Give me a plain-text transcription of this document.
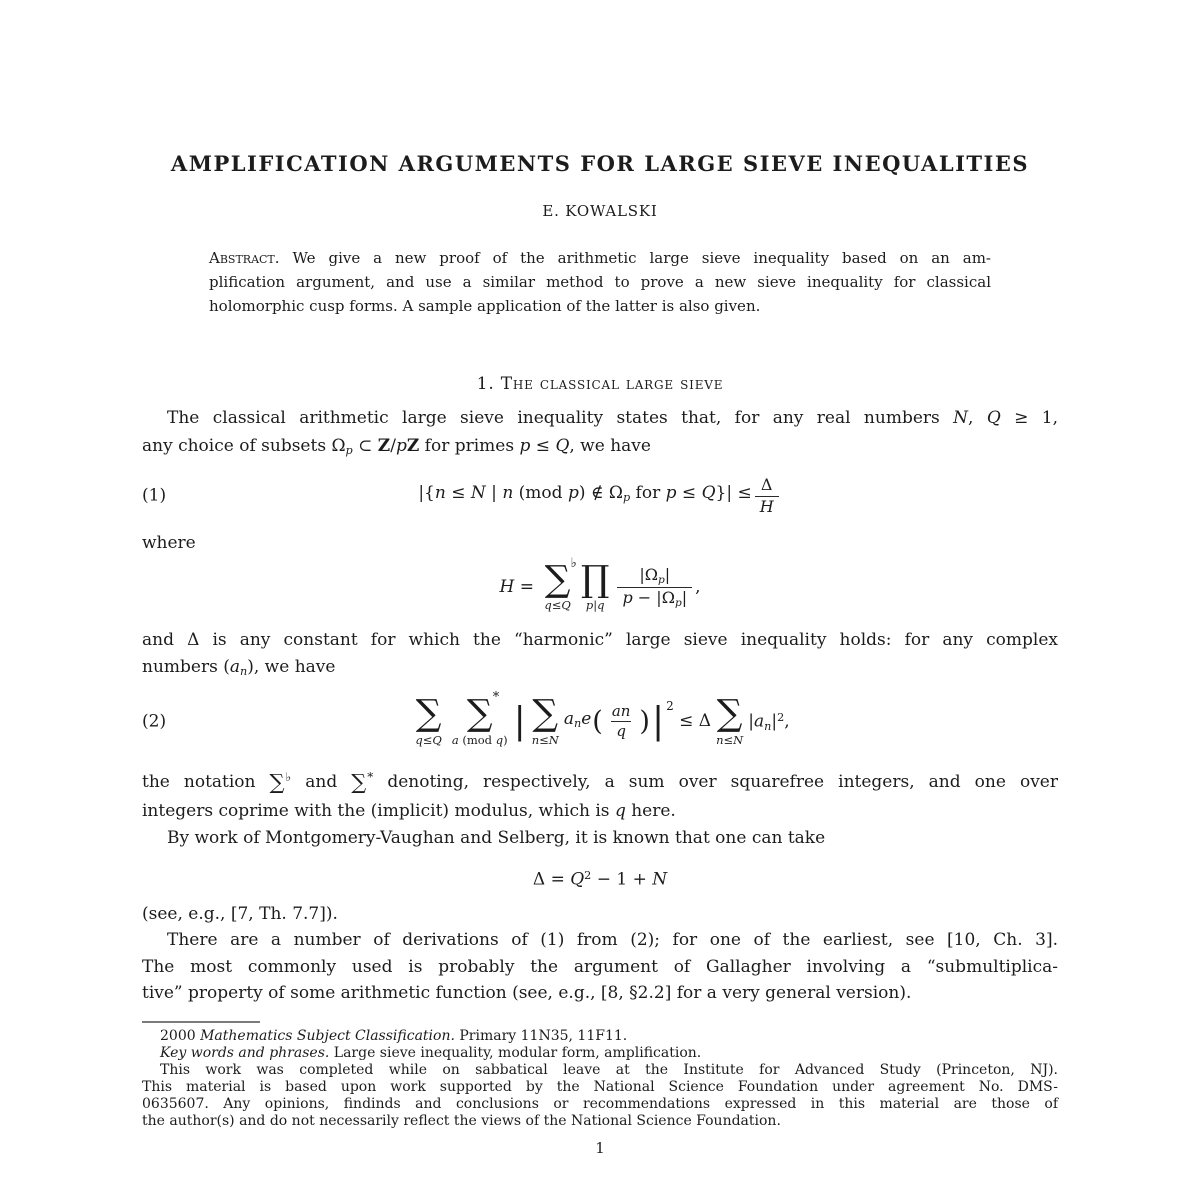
AMPLIFICATION ARGUMENTS FOR LARGE SIEVE INEQUALITIES
E. KOWALSKI
Abstract. We give a new proof of the arithmetic large sieve inequality based on an am-
plification argument, and use a similar method to prove a new sieve inequality for classical
holomorphic cusp forms. A sample application of the latter is also given.
1. The classical large sieve
The classical arithmetic large sieve inequality states that, for any real numbers N, Q ≥ 1,
any choice of subsets $\Omega_p$ ⊂ Z/pZ for primes p ≤ Q, we have
(1)	|{n ≤ N | n (mod p) ∉ $\Omega_p$ for $p \le Q\}| \le \frac{\Delta}{H}$
where
H =
♭
∑
q≤Q
∏
$p|q \frac{|\Omega_p|}{p - |\Omega_p|}$ ,
and Δ is any constant for which the “harmonic” large sieve inequality holds: for any complex
numbers $(a_n)$, we have
(2)	∑
q≤Q
*
∑
a (mod q) | ∑
n≤N
$a_ne$ ( $\frac{an}{q}$ ) | 2
≤ Δ ∑
n≤N
$|a_n|^2$,
the notation ∑♭ and ∑* denoting, respectively, a sum over squarefree integers, and one over
integers coprime with the (implicit) modulus, which is q here.
By work of Montgomery-Vaughan and Selberg, it is known that one can take
$\Delta = Q^2 - 1 + N$
(see, e.g., [7, Th. 7.7]).
There are a number of derivations of (1) from (2); for one of the earliest, see [10, Ch. 3].
The most commonly used is probably the argument of Gallagher involving a “submultiplica-
tive” property of some arithmetic function (see, e.g., [8, §2.2] for a very general version).
2000 Mathematics Subject Classification. Primary 11N35, 11F11.
Key words and phrases. Large sieve inequality, modular form, amplification.
This work was completed while on sabbatical leave at the Institute for Advanced Study (Princeton, NJ).
This material is based upon work supported by the National Science Foundation under agreement No. DMS-
0635607. Any opinions, findinds and conclusions or recommendations expressed in this material are those of
the author(s) and do not necessarily reflect the views of the National Science Foundation.
1
